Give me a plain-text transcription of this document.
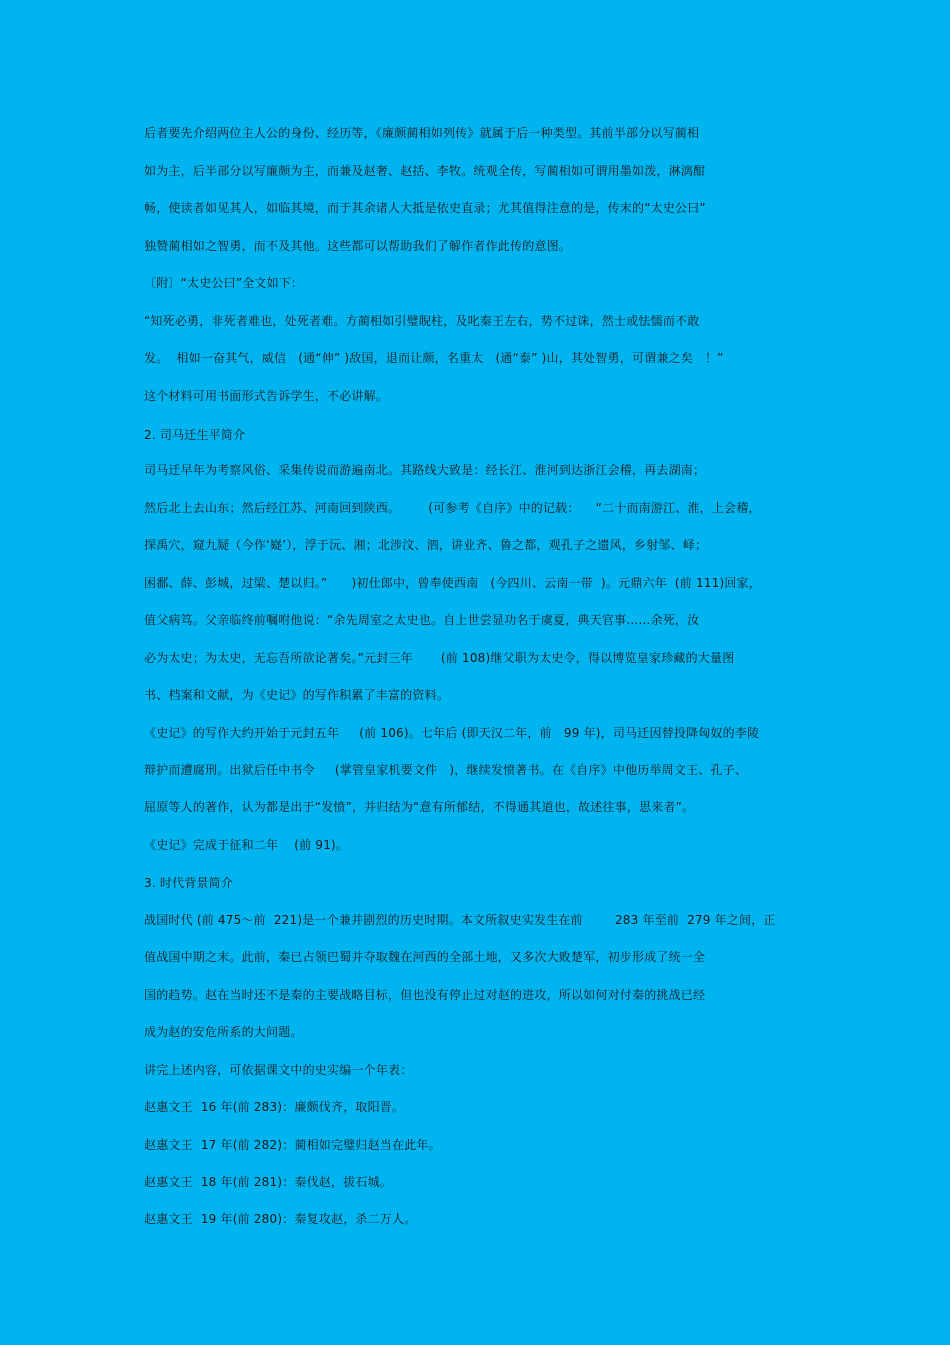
后者要先介绍两位主人公的身份、经历等，《廉颇蔺相如列传》就属于后一种类型。其前半部分以写蔺相
如为主，后半部分以写廉颇为主，而兼及赵奢、赵括、李牧。统观全传，写蔺相如可谓用墨如泼，淋漓酣
畅，使读者如见其人，如临其境，而于其余诸人大抵是依史直录；尤其值得注意的是，传末的“太史公曰”
独赞蔺相如之智勇，而不及其他。这些都可以帮助我们了解作者作此传的意图。
〔附〕“太史公曰”全文如下：
“知死必勇，非死者难也，处死者难。方蔺相如引璧睨柱，及叱秦王左右，势不过诛，然士或怯懦而不敢
发。  相如一奋其气，威信   (通“伸” )敌国，退而让颇，名重太   (通“泰” )山，其处智勇，可谓兼之矣   ！”
这个材料可用书面形式告诉学生，不必讲解。
2. 司马迁生平简介
司马迁早年为考察风俗、采集传说而游遍南北。其路线大致是：经长江、淮河到达浙江会稽，再去湖南；
然后北上去山东；然后经江苏、河南回到陕西。       (可参考《自序》中的记载：    “二十而南游江、淮，上会稽，
探禹穴，窥九疑（今作‘嶷’），浮于沅、湘；北涉汶、泗，讲业齐、鲁之都，观孔子之遗风，乡射邹、峄；
困鄱、薛、彭城，过梁、楚以归。”      )初仕郎中，曾奉使西南   (今四川、云南一带  )。元鼎六年  (前 111)回家，
值父病笃。父亲临终前嘱咐他说：“余先周室之太史也。自上世尝显功名于虞夏，典天官事……余死，汝
必为太史；为太史，无忘吾所欲论著矣。”元封三年       (前 108)继父职为太史令，得以博览皇家珍藏的大量图
书、档案和文献，为《史记》的写作积累了丰富的资料。
《史记》的写作大约开始于元封五年     (前 106)。七年后 (即天汉二年，前   99 年)，司马迁因替投降匈奴的李陵
辩护而遭腐刑。出狱后任中书令     (掌管皇家机要文件   )，继续发愤著书。在《自序》中他历举周文王、孔子、
屈原等人的著作，认为都是出于“发愤”，并归结为“意有所郁结，不得通其道也，故述往事，思来者”。
《史记》完成于征和二年    (前 91)。
3. 时代背景简介
战国时代 (前 475～前  221)是一个兼并剧烈的历史时期。本文所叙史实发生在前        283 年至前  279 年之间，正
值战国中期之末。此前，秦已占领巴蜀并夺取魏在河西的全部土地，又多次大败楚军，初步形成了统一全
国的趋势。赵在当时还不是秦的主要战略目标，但也没有停止过对赵的进攻，所以如何对付秦的挑战已经
成为赵的安危所系的大问题。
讲完上述内容，可依据课文中的史实编一个年表：
赵惠文王  16 年(前 283)：廉颇伐齐，取阳晋。
赵惠文王  17 年(前 282)：蔺相如完璧归赵当在此年。
赵惠文王  18 年(前 281)：秦伐赵，拔石城。
赵惠文王  19 年(前 280)：秦复攻赵，杀二万人。
